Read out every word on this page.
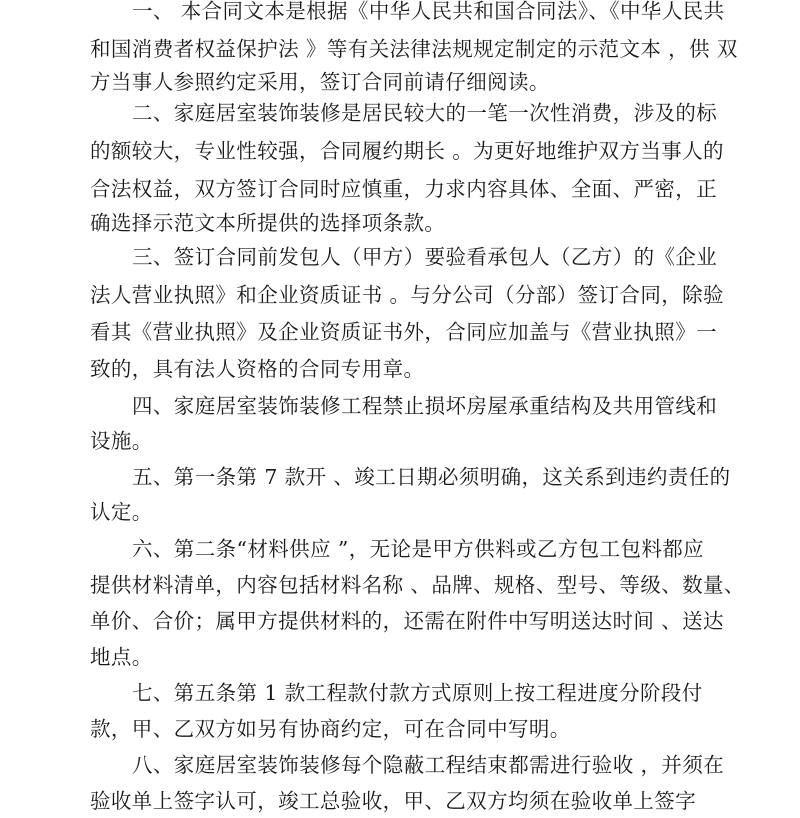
一、 本合同文本是根据《中华人民共和国合同法》、《中华人民共
和国消费者权益保护法 》等有关法律法规规定制定的示范文本 ，供 双
方当事人参照约定采用，签订合同前请仔细阅读。
二、家庭居室装饰装修是居民较大的一笔一次性消费，涉及的标
的额较大，专业性较强，合同履约期长 。为更好地维护双方当事人的
合法权益，双方签订合同时应慎重，力求内容具体、全面、严密，正
确选择示范文本所提供的选择项条款。
三、签订合同前发包人（甲方）要验看承包人（乙方）的《企业
法人营业执照》和企业资质证书 。与分公司（分部）签订合同，除验
看其《营业执照》及企业资质证书外，合同应加盖与《营业执照》一
致的，具有法人资格的合同专用章。
四、家庭居室装饰装修工程禁止损坏房屋承重结构及共用管线和
设施。
五、第一条第 7 款开 、竣工日期必须明确，这关系到违约责任的
认定。
六、第二条“材料供应 ”，无论是甲方供料或乙方包工包料都应
提供材料清单，内容包括材料名称 、品牌、规格、型号、等级、数量、
单价、合价；属甲方提供材料的，还需在附件中写明送达时间 、送达
地点。
七、第五条第 1 款工程款付款方式原则上按工程进度分阶段付
款，甲、乙双方如另有协商约定，可在合同中写明。
八、家庭居室装饰装修每个隐蔽工程结束都需进行验收 ，并须在
验收单上签字认可，竣工总验收，甲、乙双方均须在验收单上签字
